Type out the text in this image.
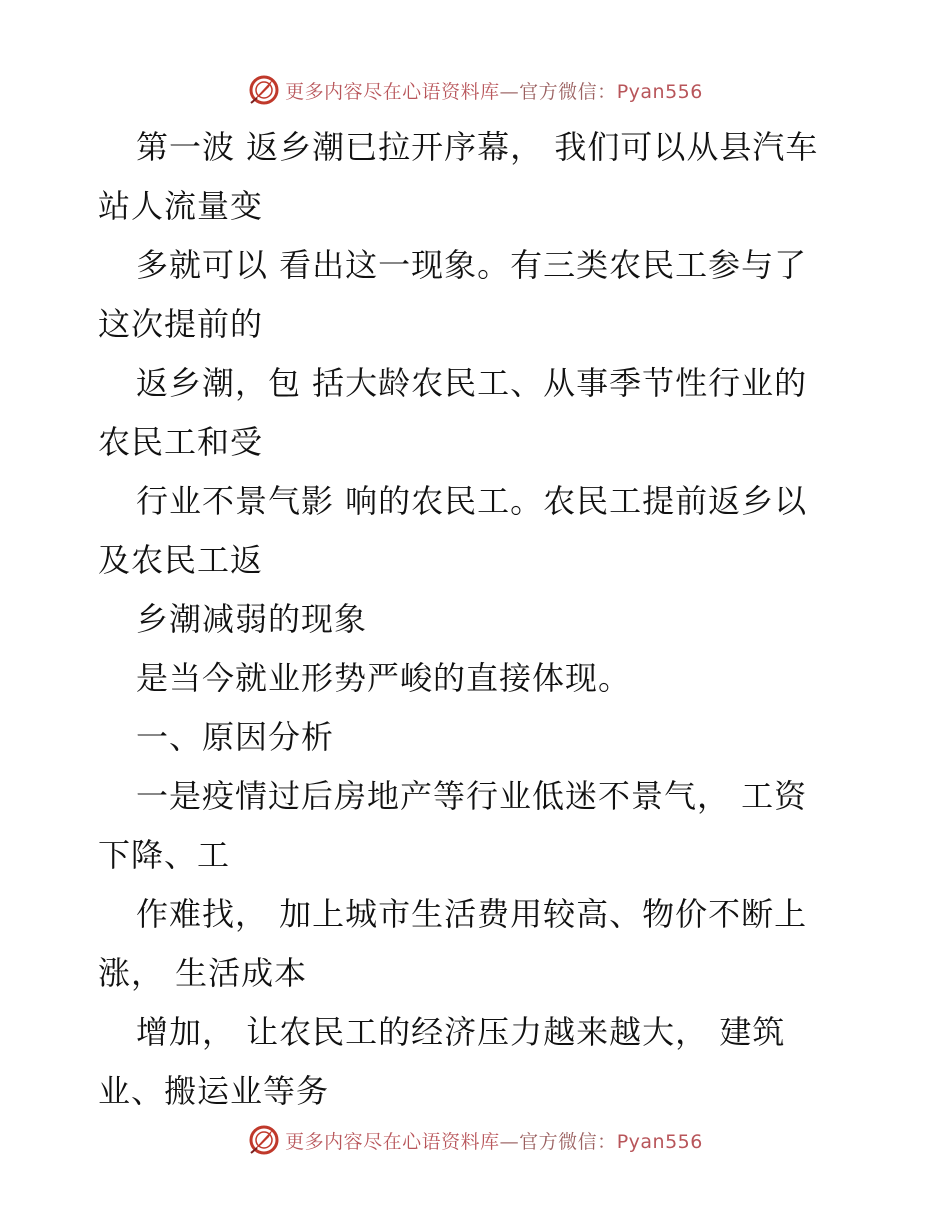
更多内容尽在心语资料库—官方微信：Pyan556
第一波 返乡潮已拉开序幕， 我们可以从县汽车
站人流量变
多就可以 看出这一现象。有三类农民工参与了
这次提前的
返乡潮，包 括大龄农民工、从事季节性行业的
农民工和受
行业不景气影 响的农民工。农民工提前返乡以
及农民工返
乡潮减弱的现象
是当今就业形势严峻的直接体现。
一、原因分析
一是疫情过后房地产等行业低迷不景气， 工资
下降、工
作难找， 加上城市生活费用较高、物价不断上
涨， 生活成本
增加， 让农民工的经济压力越来越大， 建筑
业、搬运业等务
更多内容尽在心语资料库—官方微信：Pyan556
